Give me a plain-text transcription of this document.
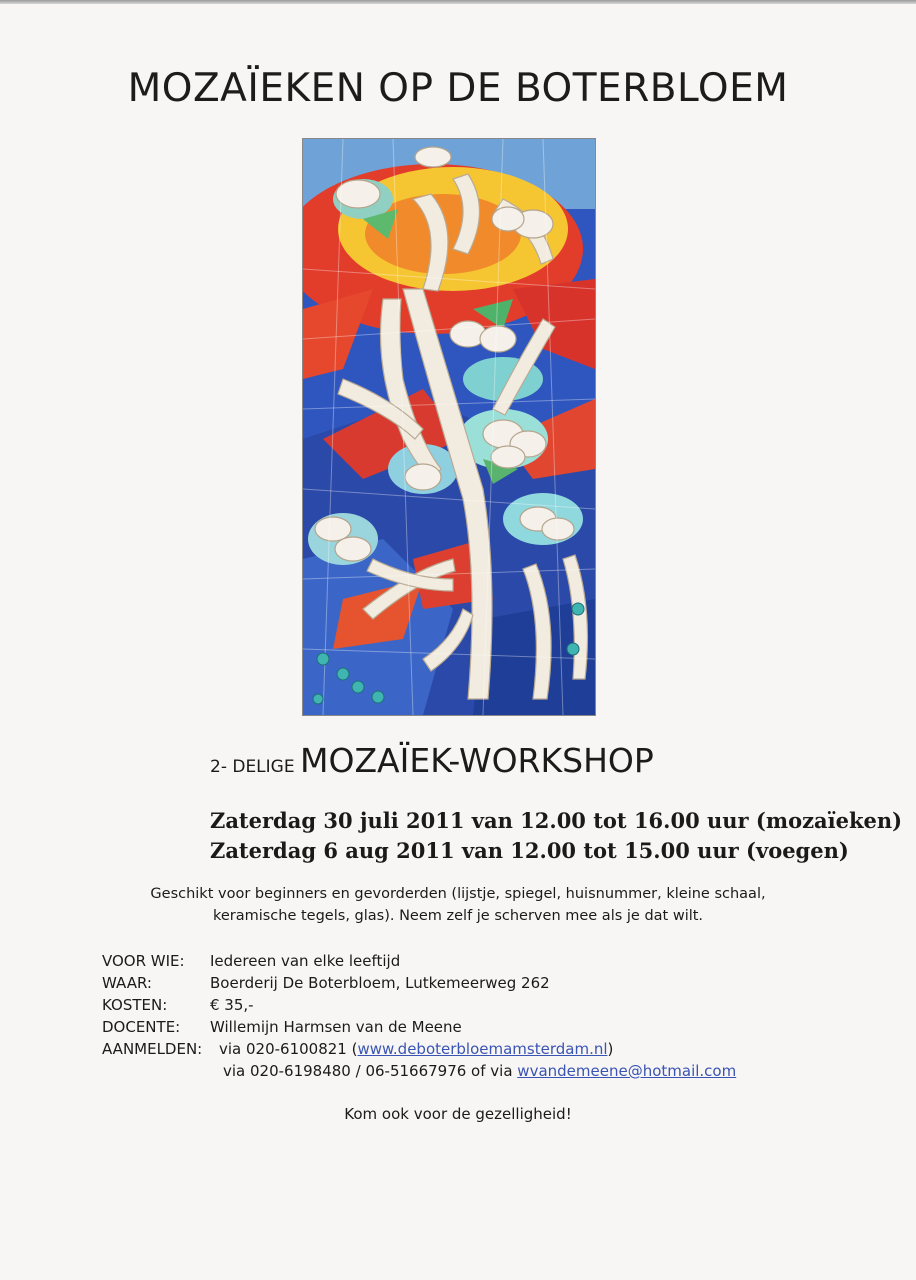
MOZAÏEKEN OP DE BOTERBLOEM
2- DELIGE MOZAÏEK-WORKSHOP
Zaterdag 30 juli 2011 van 12.00 tot 16.00 uur (mozaïeken)
Zaterdag 6 aug 2011 van 12.00 tot 15.00 uur (voegen)
Geschikt voor beginners en gevorderden (lijstje, spiegel, huisnummer, kleine schaal,
keramische tegels, glas). Neem zelf je scherven mee als je dat wilt.
VOOR WIE: Iedereen van elke leeftijd
WAAR:	Boerderij De Boterbloem, Lutkemeerweg 262
KOSTEN:	€ 35,-
DOCENTE: Willemijn Harmsen van de Meene
AANMELDEN: via 020-6100821 (www.deboterbloemamsterdam.nl)
via 020-6198480 / 06-51667976 of via wvandemeene@hotmail.com
Kom ook voor de gezelligheid!
